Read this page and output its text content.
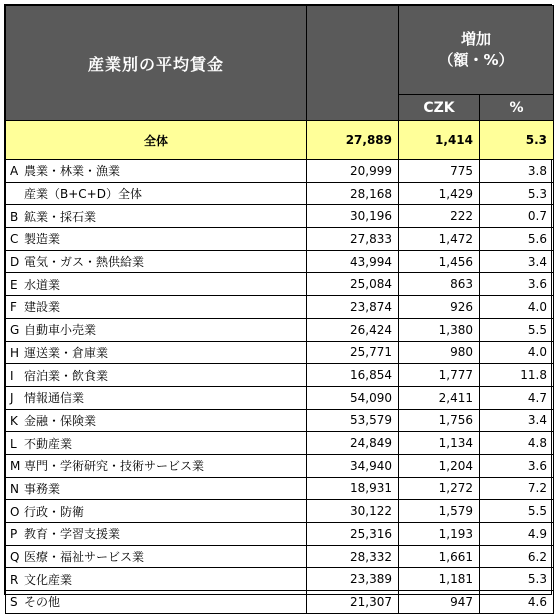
産業別の平均賃金		増加
（額・%）	

		CZK	%
全体	27,889	1,414	5.3
A 農業・林業・漁業	20,999	775	3.8
産業（B+C+D）全体	28,168	1,429	5.3
B 鉱業・採石業	30,196	222	0.7
C 製造業	27,833	1,472	5.6
D 電気・ガス・熱供給業	43,994	1,456	3.4
E 水道業	25,084	863	3.6
F 建設業	23,874	926	4.0
G 自動車小売業	26,424	1,380	5.5
H 運送業・倉庫業	25,771	980	4.0
I 宿泊業・飲食業	16,854	1,777	11.8
J 情報通信業	54,090	2,411	4.7
K 金融・保険業	53,579	1,756	3.4
L 不動産業	24,849	1,134	4.8
M 専門・学術研究・技術サービス業	34,940	1,204	3.6
N 事務業	18,931	1,272	7.2
O 行政・防衛	30,122	1,579	5.5
P 教育・学習支援業	25,316	1,193	4.9
Q 医療・福祉サービス業	28,332	1,661	6.2
R 文化産業	23,389	1,181	5.3
S その他	21,307	947	4.6
